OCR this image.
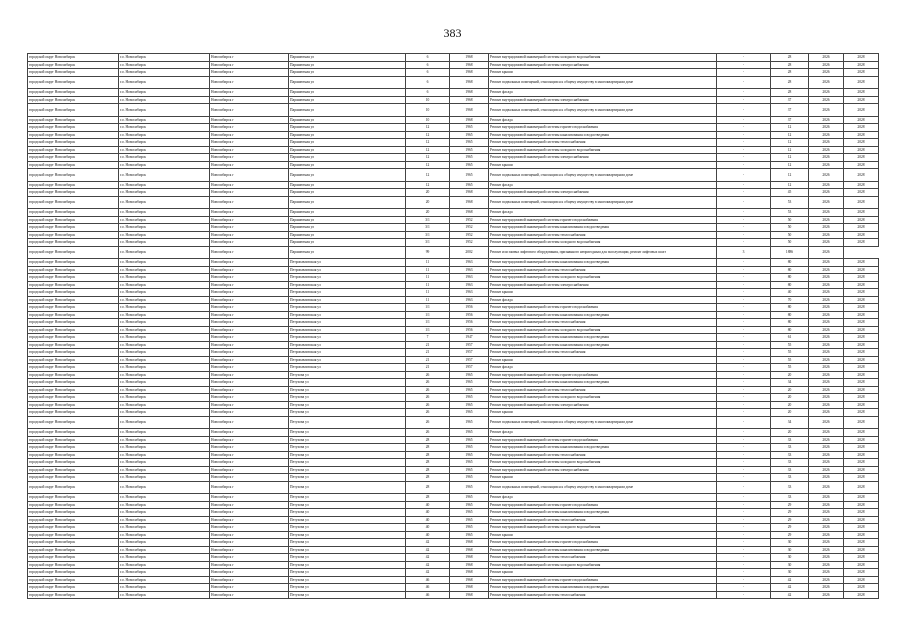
383
городской округ Новосибирск	г.о. Новосибирск	Новосибирск г	Парашютная ул	6	1968	Ремонт внутридомовой инженерной системы холодного водоснабжения	-	28	2026	2028
городской округ Новосибирск	г.о. Новосибирск	Новосибирск г	Парашютная ул	6	1968	Ремонт внутридомовой инженерной системы электроснабжения	-	28	2026	2028
городской округ Новосибирск	г.о. Новосибирск	Новосибирск г	Парашютная ул	6	1968	Ремонт крыши	-	28	2026	2028
городской округ Новосибирск	г.о. Новосибирск	Новосибирск г	Парашютная ул	6	1968	Ремонт подвальных помещений, относящихся к общему имуществу в многоквартирном доме	-	28	2026	2028
городской округ Новосибирск	г.о. Новосибирск	Новосибирск г	Парашютная ул	6	1968	Ремонт фасада	-	28	2026	2028
городской округ Новосибирск	г.о. Новосибирск	Новосибирск г	Парашютная ул	10	1968	Ремонт внутридомовой инженерной системы электроснабжения	-	37	2026	2028
городской округ Новосибирск	г.о. Новосибирск	Новосибирск г	Парашютная ул	10	1968	Ремонт подвальных помещений, относящихся к общему имуществу в многоквартирном доме	-	37	2026	2028
городской округ Новосибирск	г.о. Новосибирск	Новосибирск г	Парашютная ул	10	1968	Ремонт фасада	-	37	2026	2028
городской округ Новосибирск	г.о. Новосибирск	Новосибирск г	Парашютная ул	12	1965	Ремонт внутридомовой инженерной системы горячего водоснабжения	-	12	2026	2028
городской округ Новосибирск	г.о. Новосибирск	Новосибирск г	Парашютная ул	12	1965	Ремонт внутридомовой инженерной системы канализования и водоотведения	-	12	2026	2028
городской округ Новосибирск	г.о. Новосибирск	Новосибирск г	Парашютная ул	12	1965	Ремонт внутридомовой инженерной системы теплоснабжения	-	12	2026	2028
городской округ Новосибирск	г.о. Новосибирск	Новосибирск г	Парашютная ул	12	1965	Ремонт внутридомовой инженерной системы холодного водоснабжения	-	12	2026	2028
городской округ Новосибирск	г.о. Новосибирск	Новосибирск г	Парашютная ул	12	1965	Ремонт внутридомовой инженерной системы электроснабжения	-	12	2026	2028
городской округ Новосибирск	г.о. Новосибирск	Новосибирск г	Парашютная ул	12	1965	Ремонт крыши	-	12	2026	2028
городской округ Новосибирск	г.о. Новосибирск	Новосибирск г	Парашютная ул	12	1965	Ремонт подвальных помещений, относящихся к общему имуществу в многоквартирном доме	-	12	2026	2028
городской округ Новосибирск	г.о. Новосибирск	Новосибирск г	Парашютная ул	12	1965	Ремонт фасада	-	12	2026	2028
городской округ Новосибирск	г.о. Новосибирск	Новосибирск г	Парашютная ул	20	1968	Ремонт внутридомовой инженерной системы электроснабжения	-	45	2026	2028
городской округ Новосибирск	г.о. Новосибирск	Новосибирск г	Парашютная ул	20	1968	Ремонт подвальных помещений, относящихся к общему имуществу в многоквартирном доме	-	53	2026	2028
городской округ Новосибирск	г.о. Новосибирск	Новосибирск г	Парашютная ул	20	1968	Ремонт фасада	-	53	2026	2028
городской округ Новосибирск	г.о. Новосибирск	Новосибирск г	Парашютная ул	3/1	1952	Ремонт внутридомовой инженерной системы горячего водоснабжения	-	50	2026	2028
городской округ Новосибирск	г.о. Новосибирск	Новосибирск г	Парашютная ул	3/1	1952	Ремонт внутридомовой инженерной системы канализования и водоотведения	-	50	2026	2028
городской округ Новосибирск	г.о. Новосибирск	Новосибирск г	Парашютная ул	3/1	1952	Ремонт внутридомовой инженерной системы теплоснабжения	-	50	2026	2028
городской округ Новосибирск	г.о. Новосибирск	Новосибирск г	Парашютная ул	3/1	1952	Ремонт внутридомовой инженерной системы холодного водоснабжения	-	50	2026	2028
городской округ Новосибирск	г.о. Новосибирск	Новосибирск г	Парашютная ул	99	2002	Ремонт или замена лифтового оборудования, признанного непригодным для эксплуатации, ремонт лифтовых шахт	3	1886	2026	
городской округ Новосибирск	г.о. Новосибирск	Новосибирск г	Петропавловская ул	11	1963	Ремонт внутридомовой инженерной системы канализования и водоотведения	-	80	2026	2028
городской округ Новосибирск	г.о. Новосибирск	Новосибирск г	Петропавловская ул	11	1963	Ремонт внутридомовой инженерной системы теплоснабжения	-	80	2026	2028
городской округ Новосибирск	г.о. Новосибирск	Новосибирск г	Петропавловская ул	11	1963	Ремонт внутридомовой инженерной системы холодного водоснабжения	-	80	2026	2028
городской округ Новосибирск	г.о. Новосибирск	Новосибирск г	Петропавловская ул	11	1963	Ремонт внутридомовой инженерной системы электроснабжения	-	80	2026	2028
городской округ Новосибирск	г.о. Новосибирск	Новосибирск г	Петропавловская ул	11	1963	Ремонт крыши	-	40	2026	2028
городской округ Новосибирск	г.о. Новосибирск	Новосибирск г	Петропавловская ул	11	1963	Ремонт фасада	-	70	2026	2028
городской округ Новосибирск	г.о. Новосибирск	Новосибирск г	Петропавловская ул	1/1	1956	Ремонт внутридомовой инженерной системы горячего водоснабжения	-	80	2026	2028
городской округ Новосибирск	г.о. Новосибирск	Новосибирск г	Петропавловская ул	1/1	1956	Ремонт внутридомовой инженерной системы канализования и водоотведения	-	80	2026	2028
городской округ Новосибирск	г.о. Новосибирск	Новосибирск г	Петропавловская ул	1/1	1956	Ремонт внутридомовой инженерной системы теплоснабжения	-	80	2026	2028
городской округ Новосибирск	г.о. Новосибирск	Новосибирск г	Петропавловская ул	1/1	1956	Ремонт внутридомовой инженерной системы холодного водоснабжения	-	80	2026	2028
городской округ Новосибирск	г.о. Новосибирск	Новосибирск г	Петропавловская ул	7	1947	Ремонт внутридомовой инженерной системы канализования и водоотведения	-	61	2026	2028
городской округ Новосибирск	г.о. Новосибирск	Новосибирск г	Петропавловская ул	21	1957	Ремонт внутридомовой инженерной системы канализования и водоотведения	-	55	2026	2028
городской округ Новосибирск	г.о. Новосибирск	Новосибирск г	Петропавловская ул	21	1957	Ремонт внутридомовой инженерной системы теплоснабжения	-	55	2026	2028
городской округ Новосибирск	г.о. Новосибирск	Новосибирск г	Петропавловская ул	21	1957	Ремонт крыши	-	55	2026	2028
городской округ Новосибирск	г.о. Новосибирск	Новосибирск г	Петропавловская ул	21	1957	Ремонт фасада	-	55	2026	2028
городской округ Новосибирск	г.о. Новосибирск	Новосибирск г	Петухова ул	26	1965	Ремонт внутридомовой инженерной системы горячего водоснабжения	-	20	2026	2028
городской округ Новосибирск	г.о. Новосибирск	Новосибирск г	Петухова ул	26	1965	Ремонт внутридомовой инженерной системы канализования и водоотведения	-	34	2026	2028
городской округ Новосибирск	г.о. Новосибирск	Новосибирск г	Петухова ул	26	1965	Ремонт внутридомовой инженерной системы теплоснабжения	-	20	2026	2028
городской округ Новосибирск	г.о. Новосибирск	Новосибирск г	Петухова ул	26	1965	Ремонт внутридомовой инженерной системы холодного водоснабжения	-	20	2026	2028
городской округ Новосибирск	г.о. Новосибирск	Новосибирск г	Петухова ул	26	1965	Ремонт внутридомовой инженерной системы электроснабжения	-	20	2026	2028
городской округ Новосибирск	г.о. Новосибирск	Новосибирск г	Петухова ул	26	1965	Ремонт крыши	-	20	2026	2028
городской округ Новосибирск	г.о. Новосибирск	Новосибирск г	Петухова ул	26	1965	Ремонт подвальных помещений, относящихся к общему имуществу в многоквартирном доме	-	34	2026	2028
городской округ Новосибирск	г.о. Новосибирск	Новосибирск г	Петухова ул	26	1965	Ремонт фасада	-	20	2026	2028
городской округ Новосибирск	г.о. Новосибирск	Новосибирск г	Петухова ул	28	1965	Ремонт внутридомовой инженерной системы горячего водоснабжения	-	33	2026	2028
городской округ Новосибирск	г.о. Новосибирск	Новосибирск г	Петухова ул	28	1965	Ремонт внутридомовой инженерной системы канализования и водоотведения	-	33	2026	2028
городской округ Новосибирск	г.о. Новосибирск	Новосибирск г	Петухова ул	28	1965	Ремонт внутридомовой инженерной системы теплоснабжения	-	33	2026	2028
городской округ Новосибирск	г.о. Новосибирск	Новосибирск г	Петухова ул	28	1965	Ремонт внутридомовой инженерной системы холодного водоснабжения	-	33	2026	2028
городской округ Новосибирск	г.о. Новосибирск	Новосибирск г	Петухова ул	28	1965	Ремонт внутридомовой инженерной системы электроснабжения	-	33	2026	2028
городской округ Новосибирск	г.о. Новосибирск	Новосибирск г	Петухова ул	28	1965	Ремонт крыши	-	33	2026	2028
городской округ Новосибирск	г.о. Новосибирск	Новосибирск г	Петухова ул	28	1965	Ремонт подвальных помещений, относящихся к общему имуществу в многоквартирном доме	-	33	2026	2028
городской округ Новосибирск	г.о. Новосибирск	Новосибирск г	Петухова ул	28	1965	Ремонт фасада	-	33	2026	2028
городской округ Новосибирск	г.о. Новосибирск	Новосибирск г	Петухова ул	40	1965	Ремонт внутридомовой инженерной системы горячего водоснабжения	-	29	2026	2028
городской округ Новосибирск	г.о. Новосибирск	Новосибирск г	Петухова ул	40	1965	Ремонт внутридомовой инженерной системы канализования и водоотведения	-	29	2026	2028
городской округ Новосибирск	г.о. Новосибирск	Новосибирск г	Петухова ул	40	1965	Ремонт внутридомовой инженерной системы теплоснабжения	-	29	2026	2028
городской округ Новосибирск	г.о. Новосибирск	Новосибирск г	Петухова ул	40	1965	Ремонт внутридомовой инженерной системы холодного водоснабжения	-	29	2026	2028
городской округ Новосибирск	г.о. Новосибирск	Новосибирск г	Петухова ул	40	1965	Ремонт крыши	-	29	2026	2028
городской округ Новосибирск	г.о. Новосибирск	Новосибирск г	Петухова ул	42	1968	Ремонт внутридомовой инженерной системы горячего водоснабжения	-	30	2026	2028
городской округ Новосибирск	г.о. Новосибирск	Новосибирск г	Петухова ул	42	1968	Ремонт внутридомовой инженерной системы канализования и водоотведения	-	30	2026	2028
городской округ Новосибирск	г.о. Новосибирск	Новосибирск г	Петухова ул	42	1968	Ремонт внутридомовой инженерной системы теплоснабжения	-	30	2026	2028
городской округ Новосибирск	г.о. Новосибирск	Новосибирск г	Петухова ул	42	1968	Ремонт внутридомовой инженерной системы холодного водоснабжения	-	30	2026	2028
городской округ Новосибирск	г.о. Новосибирск	Новосибирск г	Петухова ул	42	1968	Ремонт крыши	-	30	2026	2028
городской округ Новосибирск	г.о. Новосибирск	Новосибирск г	Петухова ул	46	1968	Ремонт внутридомовой инженерной системы горячего водоснабжения	-	42	2026	2028
городской округ Новосибирск	г.о. Новосибирск	Новосибирск г	Петухова ул	46	1968	Ремонт внутридомовой инженерной системы канализования и водоотведения	-	42	2026	2028
городской округ Новосибирск	г.о. Новосибирск	Новосибирск г	Петухова ул	46	1968	Ремонт внутридомовой инженерной системы теплоснабжения	-	42	2026	2028
